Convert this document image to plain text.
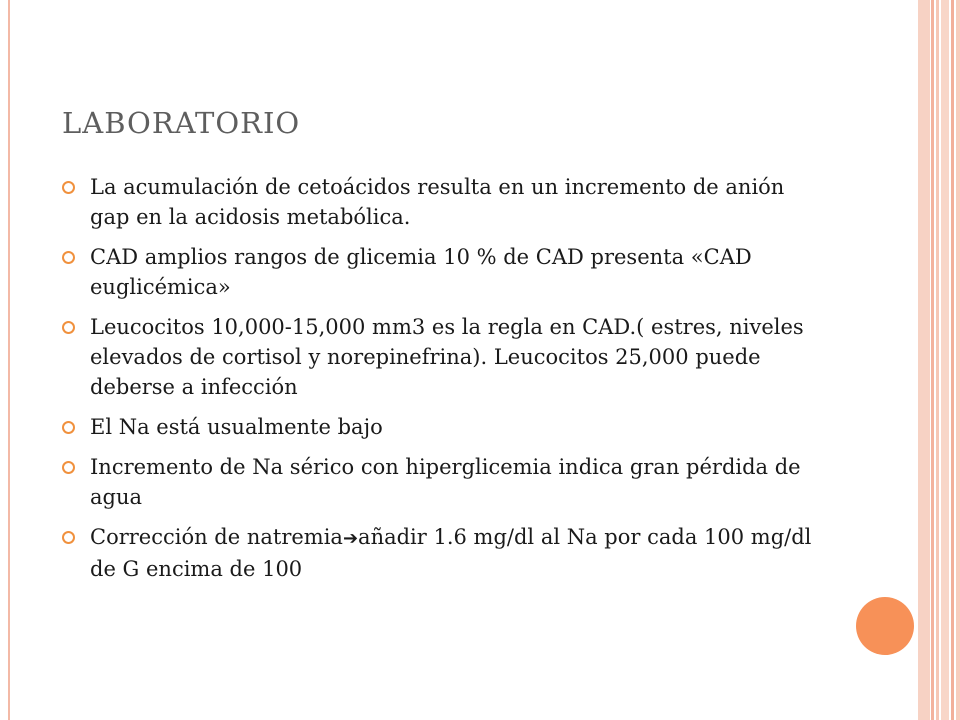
LABORATORIO
La acumulación de cetoácidos resulta en un incremento de anión gap en la acidosis metabólica.
CAD amplios rangos de glicemia 10 % de CAD presenta «CAD euglicémica»
Leucocitos 10,000-15,000 mm3 es la regla en CAD.( estres, niveles elevados de cortisol y norepinefrina). Leucocitos 25,000 puede deberse a infección
El Na está usualmente bajo
Incremento de Na sérico con hiperglicemia indica gran pérdida de agua
Corrección de natremia➔añadir 1.6 mg/dl al Na por cada 100 mg/dl de G encima de 100
